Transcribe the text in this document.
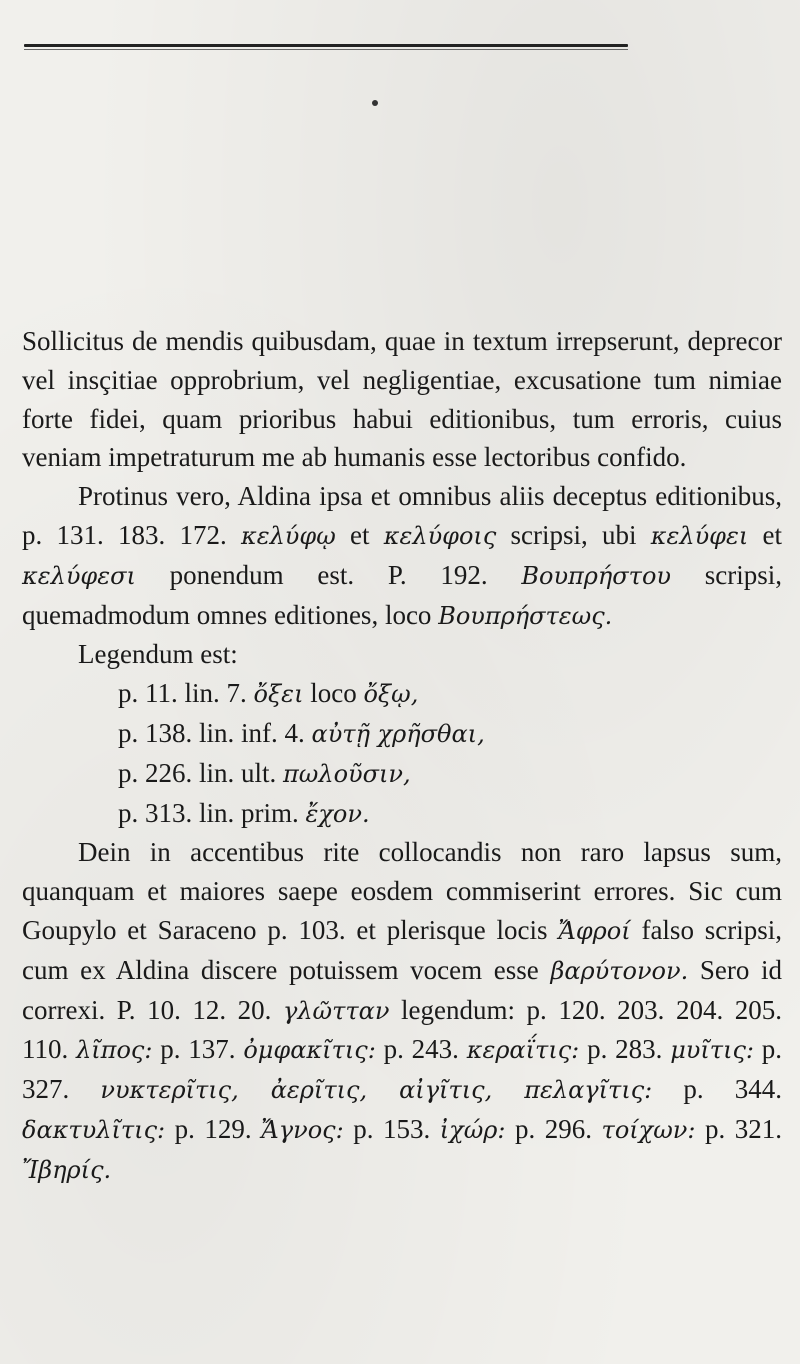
Sollicitus de mendis quibusdam, quae in textum irrepserunt, deprecor vel insçitiae opprobrium, vel negligentiae, excusatione tum nimiae forte fidei, quam prioribus habui editionibus, tum erroris, cuius veniam impetraturum me ab humanis esse lectoribus confido.

Protinus vero, Aldina ipsa et omnibus aliis deceptus editionibus, p. 131. 183. 172. κελύφῳ et κελύφοις scripsi, ubi κελύφει et κελύφεσι ponendum est. P. 192. Βουπρήστου scripsi, quemadmodum omnes editiones, loco Βουπρήστεως.

Legendum est:

p. 11. lin. 7. ὄξει loco ὄξῳ,
p. 138. lin. inf. 4. αὐτῇ χρῆσθαι,
p. 226. lin. ult. πωλοῦσιν,
p. 313. lin. prim. ἔχον.

Dein in accentibus rite collocandis non raro lapsus sum, quanquam et maiores saepe eosdem commiserint errores. Sic cum Goupylo et Saraceno p. 103. et plerisque locis Ἄφροί falso scripsi, cum ex Aldina discere potuissem vocem esse βαρύτονον. Sero id correxi. P. 10. 12. 20. γλῶτταν legendum: p. 120. 203. 204. 205. 110. λῖπος: p. 137. ὀμφακῖτις: p. 243. κεραΐτις: p. 283. μυῖτις: p. 327. νυκτερῖτις, ἀερῖτις, αἰγῖτις, πελαγῖτις: p. 344. δακτυλῖτις: p. 129. Ἄγνος: p. 153. ἰχώρ: p. 296. τοίχων: p. 321. Ἴβηρίς.
